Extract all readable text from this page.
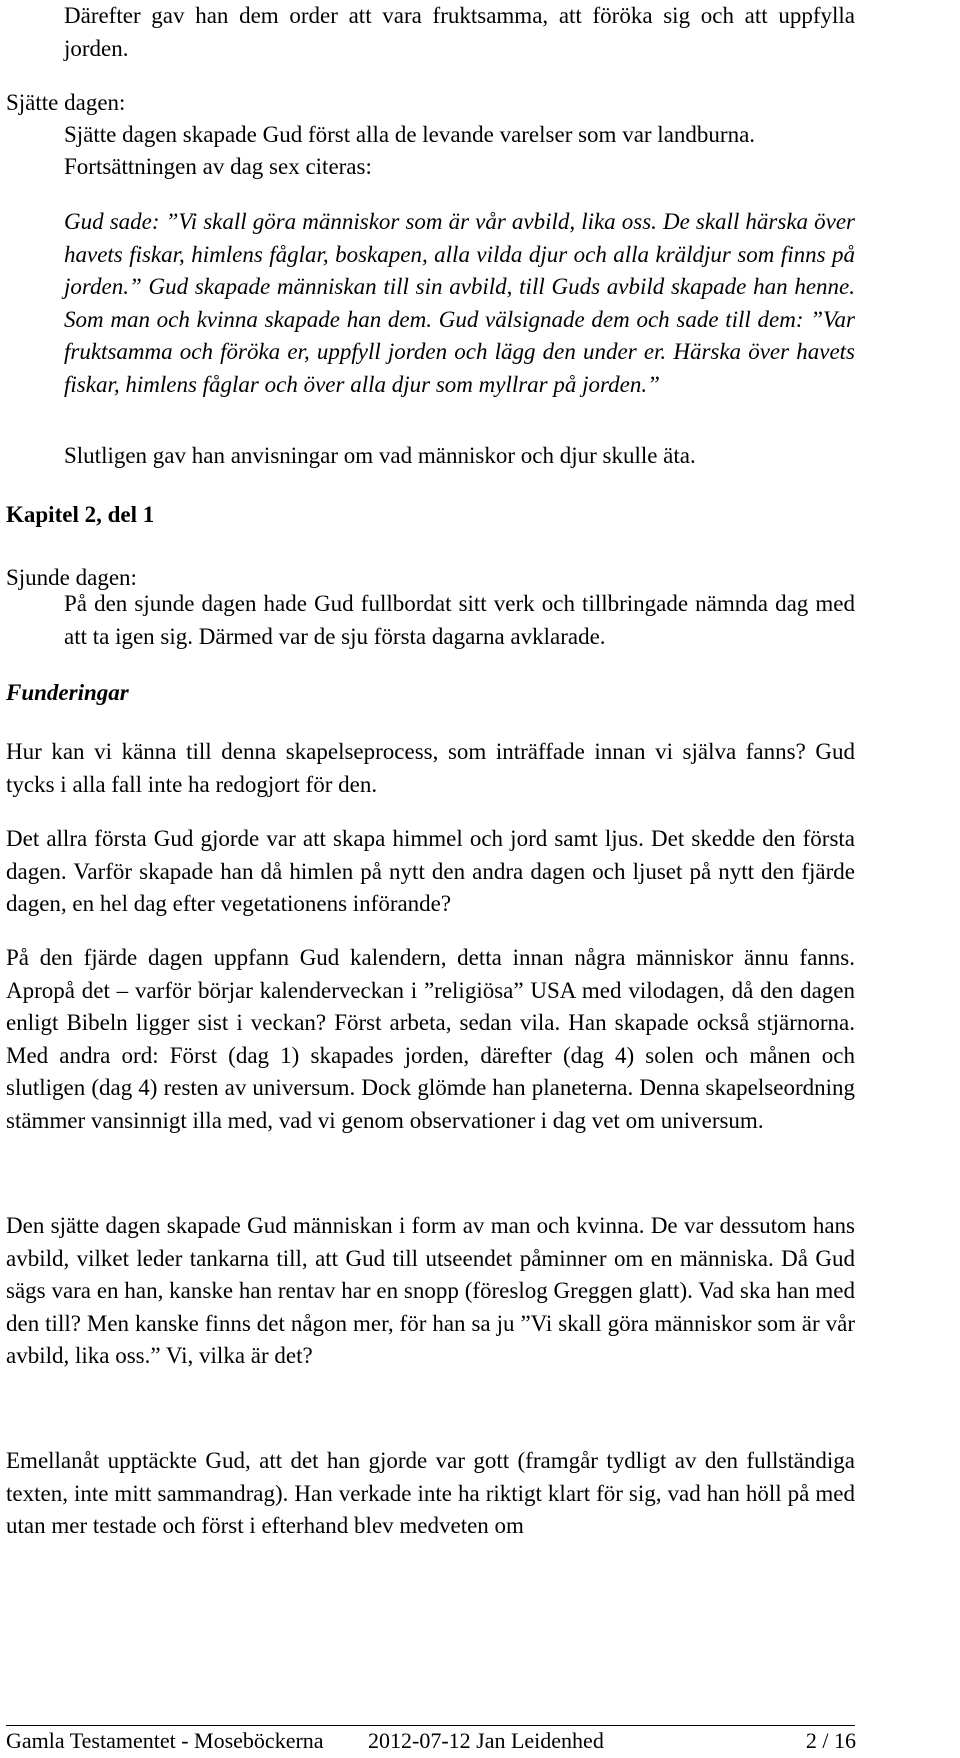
Därefter gav han dem order att vara fruktsamma, att föröka sig och att uppfylla jorden.

Sjätte dagen:

Sjätte dagen skapade Gud först alla de levande varelser som var landburna.

Fortsättningen av dag sex citeras:

Gud sade: ”Vi skall göra människor som är vår avbild, lika oss. De skall härska över havets fiskar, himlens fåglar, boskapen, alla vilda djur och alla kräldjur som finns på jorden.” Gud skapade människan till sin avbild, till Guds avbild skapade han henne. Som man och kvinna skapade han dem. Gud välsignade dem och sade till dem: ”Var fruktsamma och föröka er, uppfyll jorden och lägg den under er. Härska över havets fiskar, himlens fåglar och över alla djur som myllrar på jorden.”

Slutligen gav han anvisningar om vad människor och djur skulle äta.

Kapitel 2, del 1

Sjunde dagen:

På den sjunde dagen hade Gud fullbordat sitt verk och tillbringade nämnda dag med att ta igen sig. Därmed var de sju första dagarna avklarade.

Funderingar

Hur kan vi känna till denna skapelseprocess, som inträffade innan vi själva fanns? Gud tycks i alla fall inte ha redogjort för den.

Det allra första Gud gjorde var att skapa himmel och jord samt ljus. Det skedde den första dagen. Varför skapade han då himlen på nytt den andra dagen och ljuset på nytt den fjärde dagen, en hel dag efter vegetationens införande?

På den fjärde dagen uppfann Gud kalendern, detta innan några människor ännu fanns. Apropå det – varför börjar kalenderveckan i ”religiösa” USA med vilodagen, då den dagen enligt Bibeln ligger sist i veckan? Först arbeta, sedan vila. Han skapade också stjärnorna. Med andra ord: Först (dag 1) skapades jorden, därefter (dag 4) solen och månen och slutligen (dag 4) resten av universum. Dock glömde han planeterna. Denna skapelseordning stämmer vansinnigt illa med, vad vi genom observationer i dag vet om universum.

Den sjätte dagen skapade Gud människan i form av man och kvinna. De var dessutom hans avbild, vilket leder tankarna till, att Gud till utseendet påminner om en människa. Då Gud sägs vara en han, kanske han rentav har en snopp (föreslog Greggen glatt). Vad ska han med den till? Men kanske finns det någon mer, för han sa ju ”Vi skall göra människor som är vår avbild, lika oss.” Vi, vilka är det?

Emellanåt upptäckte Gud, att det han gjorde var gott (framgår tydligt av den fullständiga texten, inte mitt sammandrag). Han verkade inte ha riktigt klart för sig, vad han höll på med utan mer testade och först i efterhand blev medveten om

Gamla Testamentet - Moseböckerna 2012-07-12 Jan Leidenhed	2 / 16
